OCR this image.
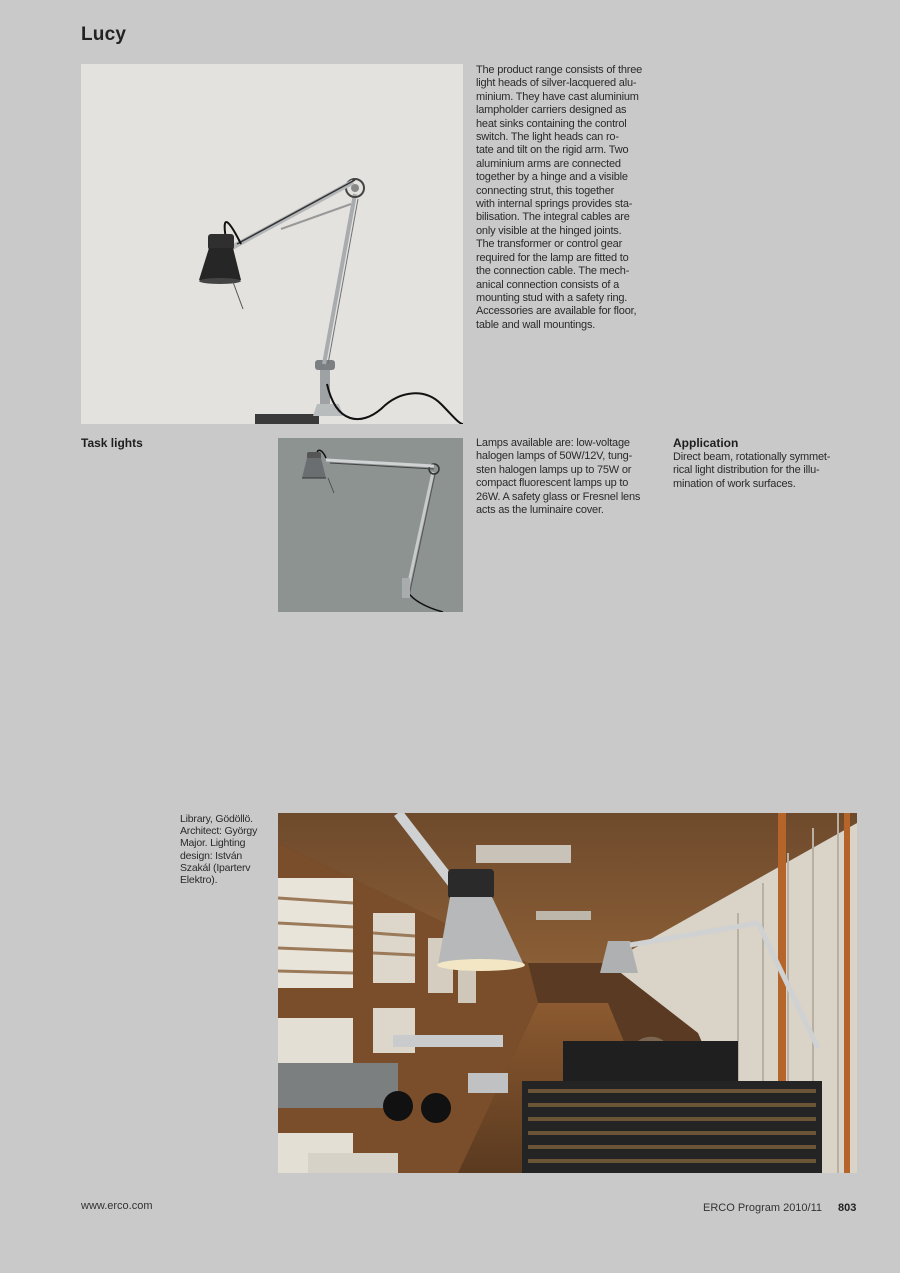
Lucy
The product range consists of three
light heads of silver-lacquered alu-
minium. They have cast aluminium
lampholder carriers designed as
heat sinks containing the control
switch. The light heads can ro-
tate and tilt on the rigid arm. Two
aluminium arms are connected
together by a hinge and a visible
connecting strut, this together
with internal springs provides sta-
bilisation. The integral cables are
only visible at the hinged joints.
The transformer or control gear
required for the lamp are fitted to
the connection cable. The mech-
anical connection consists of a
mounting stud with a safety ring.
Accessories are available for floor,
table and wall mountings.
Task lights	Lamps available are: low-voltage
halogen lamps of 50W/12V, tung-
sten halogen lamps up to 75W or
compact fluorescent lamps up to
26W. A safety glass or Fresnel lens
acts as the luminaire cover.
Application
Direct beam, rotationally symmet-
rical light distribution for the illu-
mination of work surfaces.
Library, Gödöllö.
Architect: György
Major. Lighting
design: István
Szakál (Iparterv
Elektro).
www.erco.com	ERCO Program 2010/11 803
